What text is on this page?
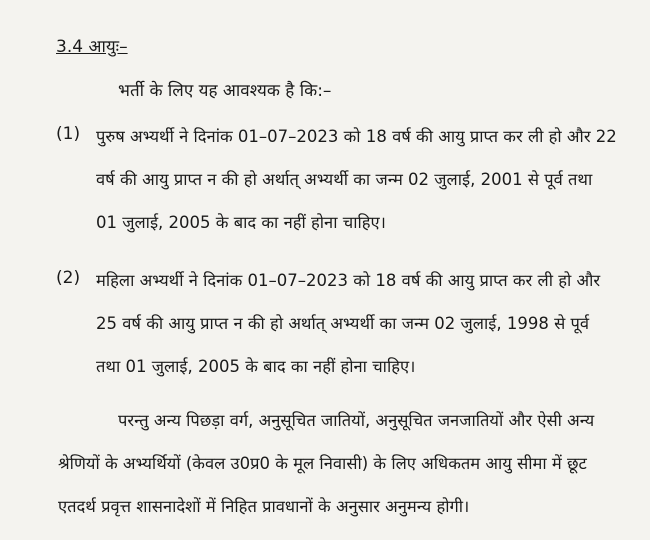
3.4 आयुः–
भर्ती के लिए यह आवश्यक है कि:–
(1) पुरुष अभ्यर्थी ने दिनांक 01–07–2023 को 18 वर्ष की आयु प्राप्त कर ली हो और 22
वर्ष की आयु प्राप्त न की हो अर्थात् अभ्यर्थी का जन्म 02 जुलाई, 2001 से पूर्व तथा
01 जुलाई, 2005 के बाद का नहीं होना चाहिए।
(2) महिला अभ्यर्थी ने दिनांक 01–07–2023 को 18 वर्ष की आयु प्राप्त कर ली हो और
25 वर्ष की आयु प्राप्त न की हो अर्थात् अभ्यर्थी का जन्म 02 जुलाई, 1998 से पूर्व
तथा 01 जुलाई, 2005 के बाद का नहीं होना चाहिए।
परन्तु अन्य पिछड़ा वर्ग, अनुसूचित जातियों, अनुसूचित जनजातियों और ऐसी अन्य
श्रेणियों के अभ्यर्थियों (केवल उ0प्र0 के मूल निवासी) के लिए अधिकतम आयु सीमा में छूट
एतदर्थ प्रवृत्त शासनादेशों में निहित प्रावधानों के अनुसार अनुमन्य होगी।
